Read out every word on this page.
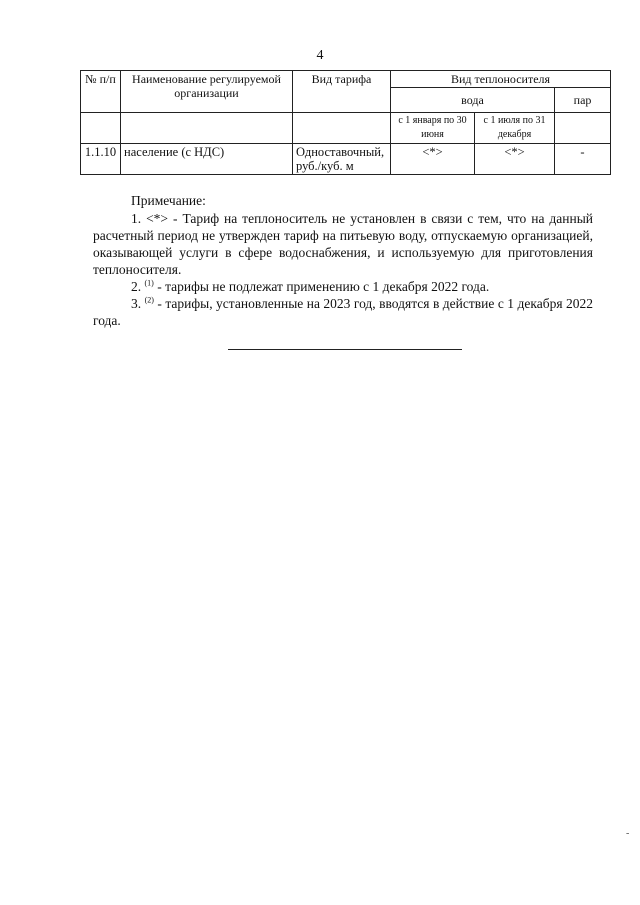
4
№ п/п	Наименование регулируемой организации	Вид тарифа	Вид теплоносителя		
			вода		пар
			с 1 января по 30 июня	с 1 июля по 31 декабря	
1.1.10	население (с НДС)	Одноставочный, руб./куб. м	<*>	<*>	-

Примечание:

1. <*> - Тариф на теплоноситель не установлен в связи с тем, что на данный расчетный период не утвержден тариф на питьевую воду, отпускаемую организацией, оказывающей услуги в сфере водоснабжения, и используемую для приготовления теплоносителя.

2. $^{(1)}$ - тарифы не подлежат применению с 1 декабря 2022 года.

3. $^{(2)}$ - тарифы, установленные на 2023 год, вводятся в действие с 1 декабря 2022 года.

-
